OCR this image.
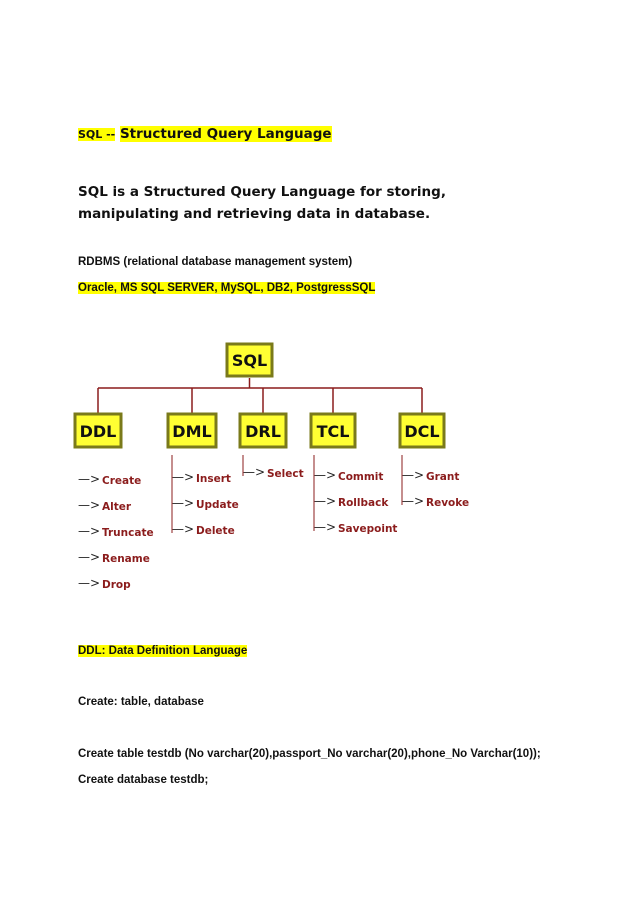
SQL -- Structured Query Language
SQL is a Structured Query Language for storing, manipulating and retrieving data in database.
RDBMS (relational database management system)
Oracle, MS SQL SERVER, MySQL, DB2, PostgressSQL
SQL
DDL
—> Create
—> Alter
—> Truncate
—> Rename
—> Drop
DML
—> Insert
—> Update
—> Delete
DRL
—> Select
TCL
—> Commit
—> Rollback
—> Savepoint
DCL
—> Grant
—> Revoke
DDL: Data Definition Language
Create: table, database
Create table testdb (No varchar(20),passport_No varchar(20),phone_No Varchar(10));
Create database testdb;
